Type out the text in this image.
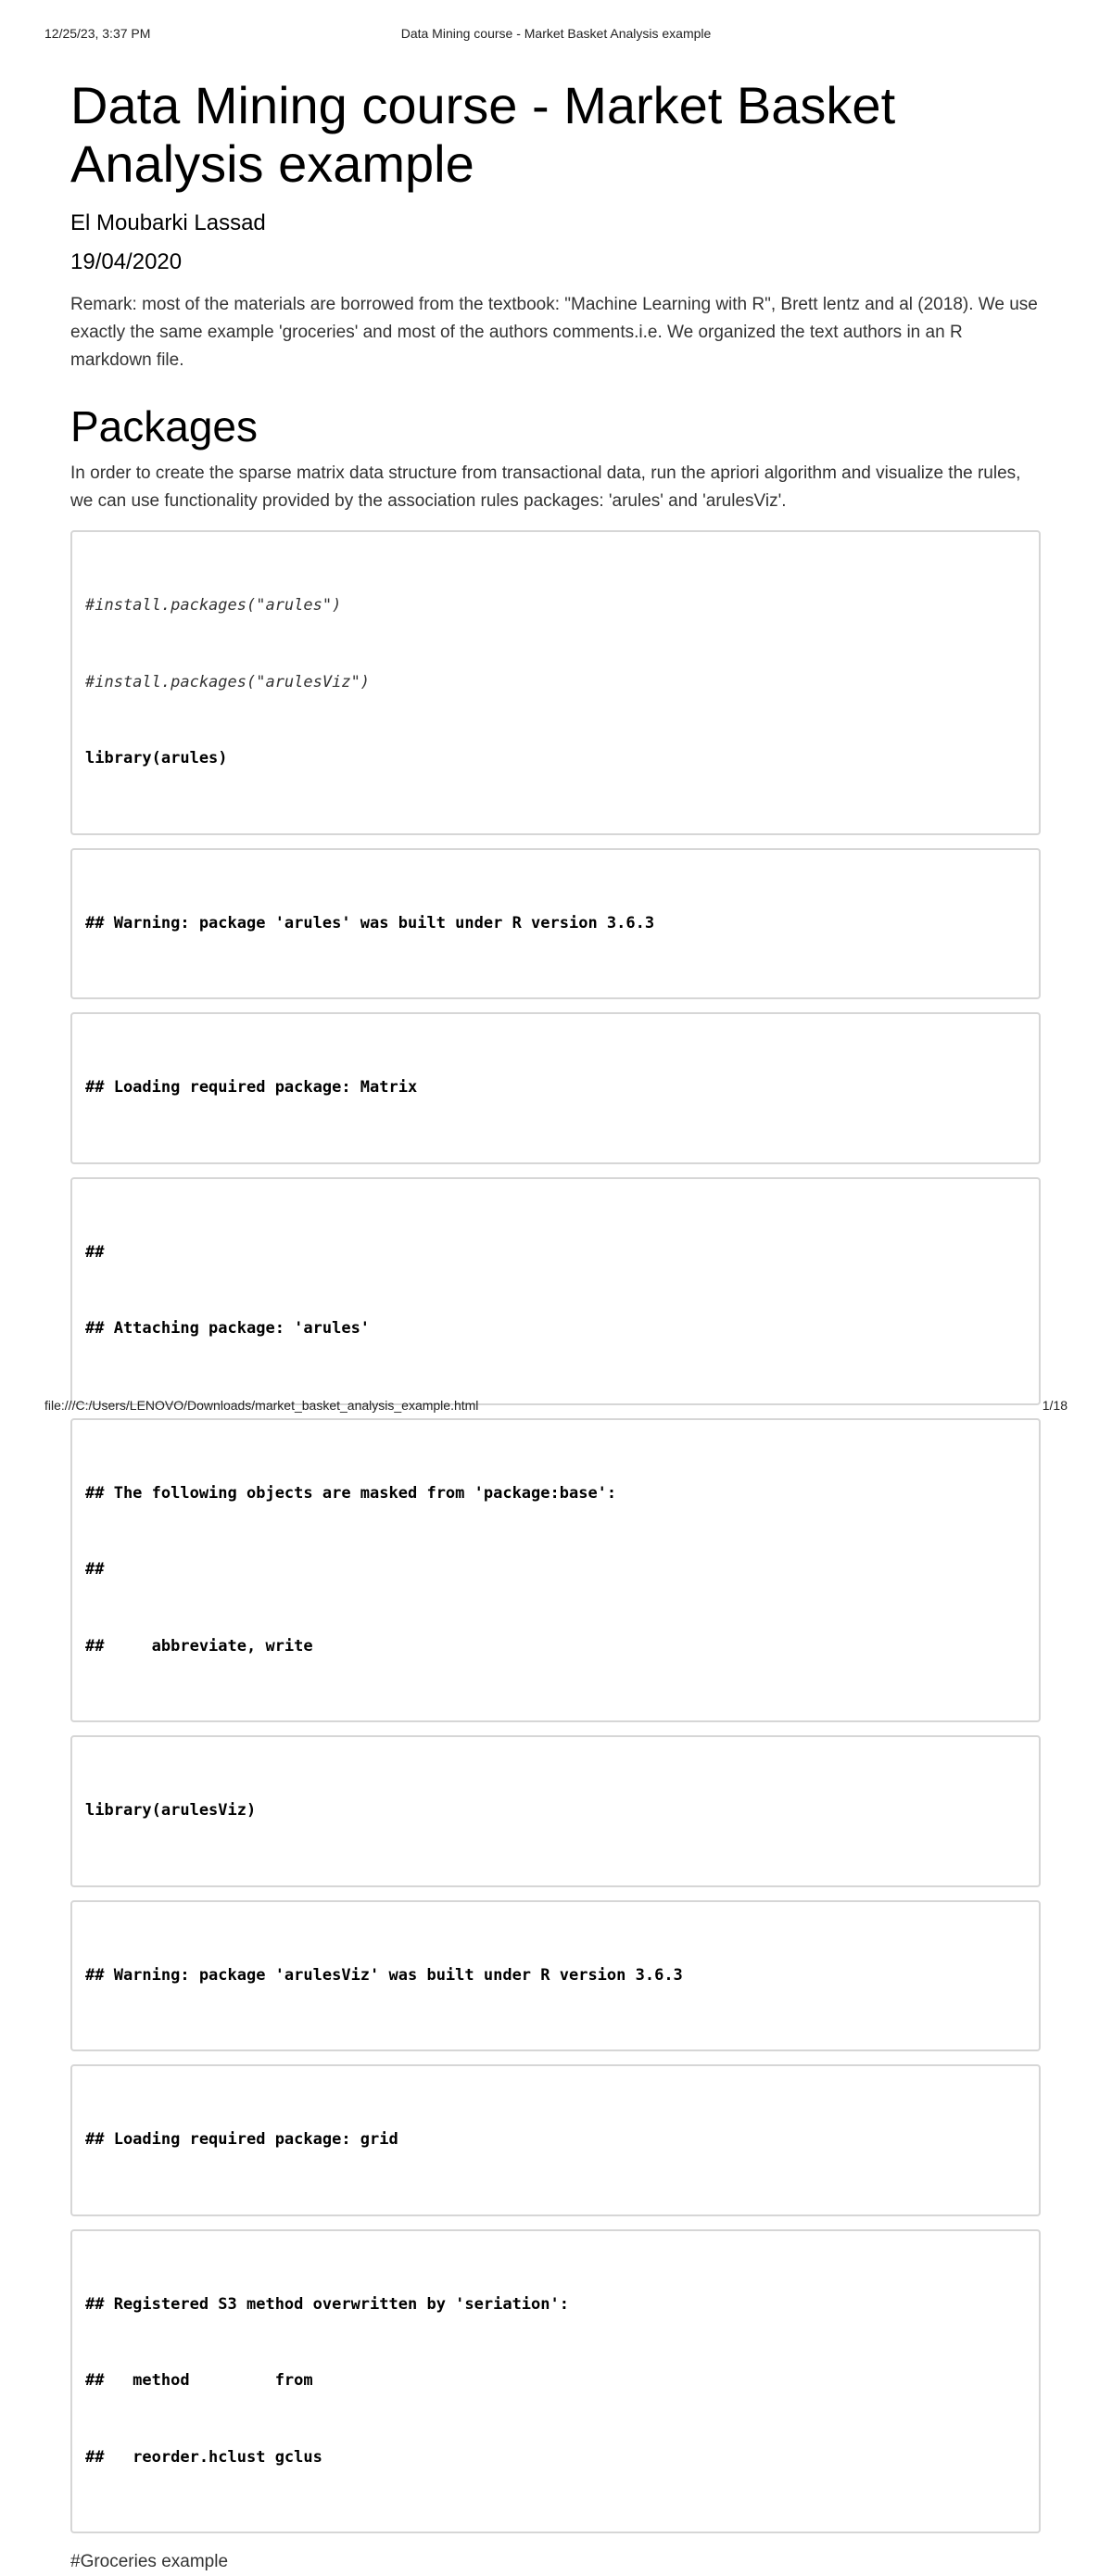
Data Mining course - Market Basket Analysis example
12/25/23, 3:37 PM
Data Mining course - Market Basket Analysis example
El Moubarki Lassad
19/04/2020

Remark: most of the materials are borrowed from the textbook: "Machine Learning with R", Brett lentz and al (2018). We use exactly the same example 'groceries' and most of the authors comments.i.e. We organized the text authors in an R markdown file.

Packages

In order to create the sparse matrix data structure from transactional data, run the apriori algorithm and visualize the rules, we can use functionality provided by the association rules packages: 'arules' and 'arulesViz'.

#install.packages("arules")

#install.packages("arulesViz")

library(arules)

## Warning: package 'arules' was built under R version 3.6.3

## Loading required package: Matrix

##

## Attaching package: 'arules'

## The following objects are masked from 'package:base':

##

##     abbreviate, write

library(arulesViz)

## Warning: package 'arulesViz' was built under R version 3.6.3

## Loading required package: grid

## Registered S3 method overwritten by 'seriation':

##   method         from

##   reorder.hclust gclus

#Groceries example
file:///C:/Users/LENOVO/Downloads/market_basket_analysis_example.html	1/18
